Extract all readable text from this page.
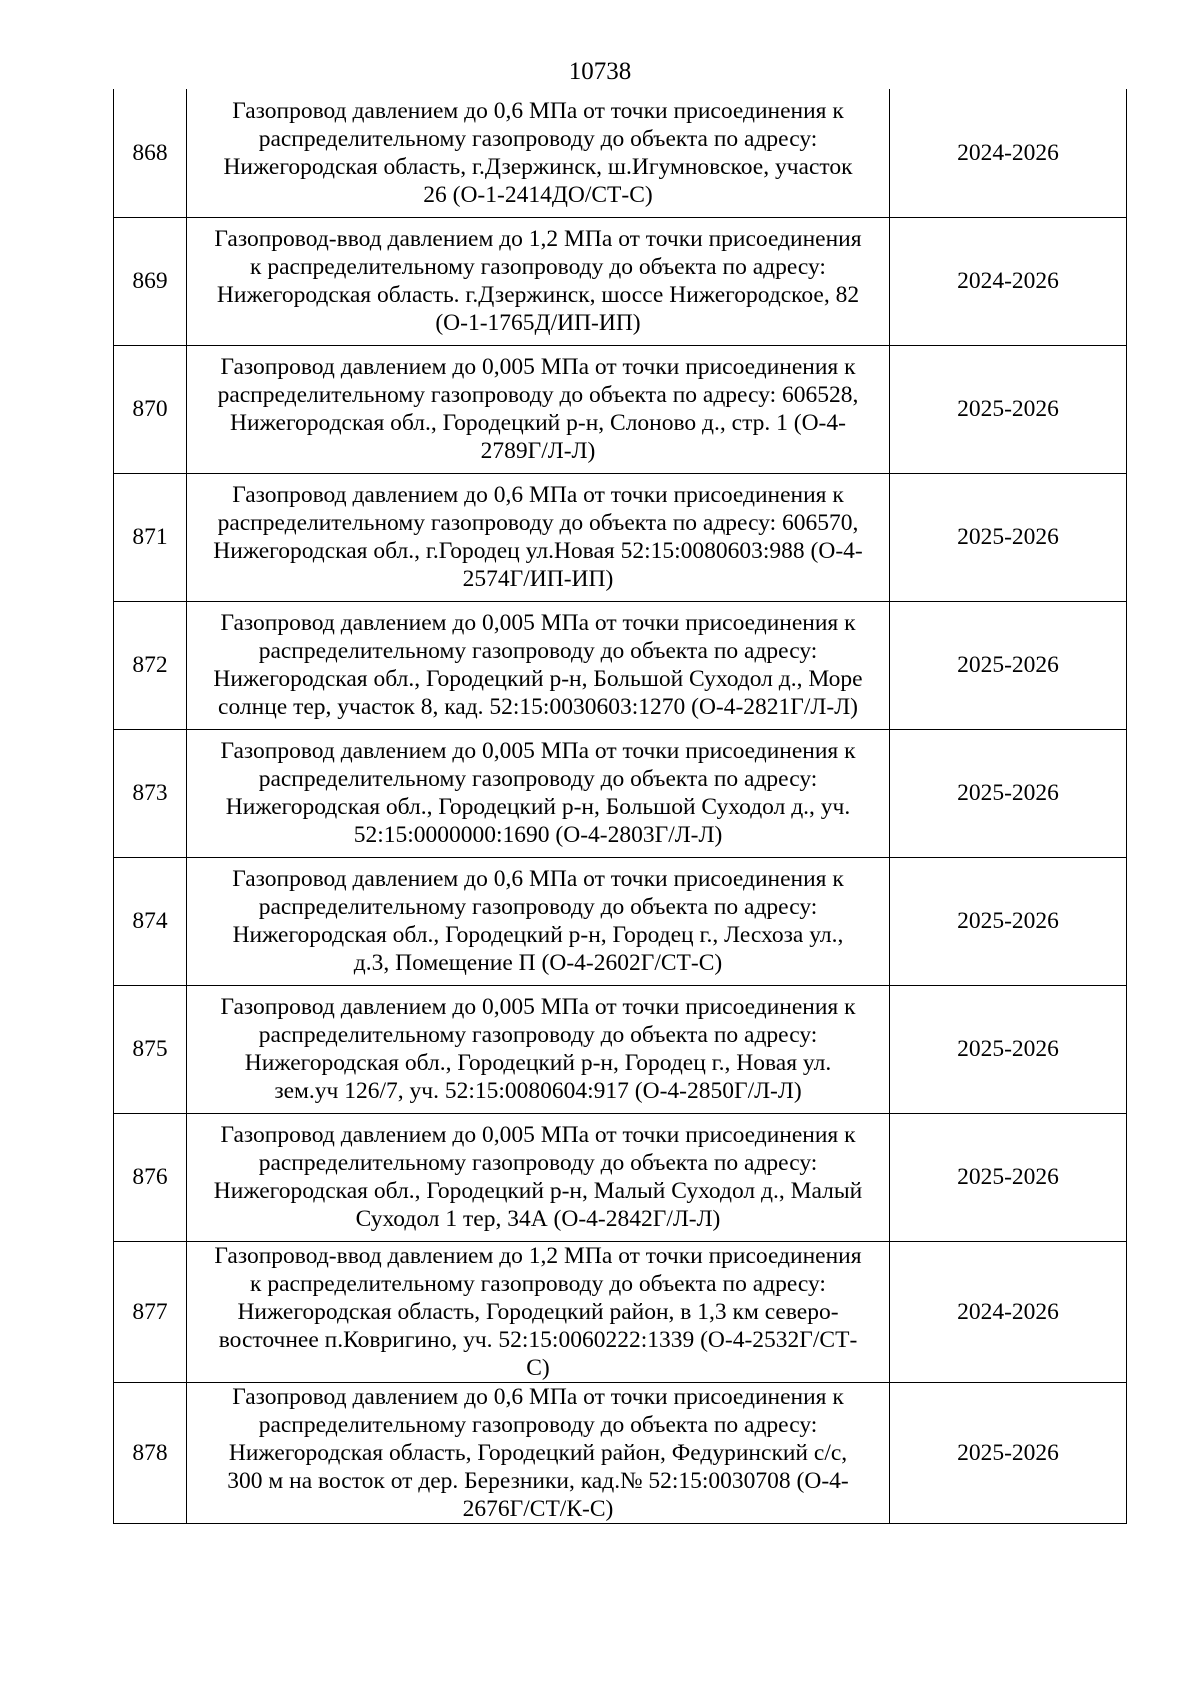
10738
868	Газопровод давлением до 0,6 МПа от точки присоединения к
распределительному газопроводу до объекта по адресу:
Нижегородская область, г.Дзержинск, ш.Игумновское, участок
26 (О-1-2414ДО/СТ-С)	2024-2026
869	Газопровод-ввод давлением до 1,2 МПа от точки присоединения
к распределительному газопроводу до объекта по адресу:
Нижегородская область. г.Дзержинск, шоссе Нижегородское, 82
(О-1-1765Д/ИП-ИП)	2024-2026
870	Газопровод давлением до 0,005 МПа от точки присоединения к
распределительному газопроводу до объекта по адресу: 606528,
Нижегородская обл., Городецкий р-н, Слоново д., стр. 1 (О-4-
2789Г/Л-Л)	2025-2026
871	Газопровод давлением до 0,6 МПа от точки присоединения к
распределительному газопроводу до объекта по адресу: 606570,
Нижегородская обл., г.Городец ул.Новая 52:15:0080603:988 (О-4-
2574Г/ИП-ИП)	2025-2026
872	Газопровод давлением до 0,005 МПа от точки присоединения к
распределительному газопроводу до объекта по адресу:
Нижегородская обл., Городецкий р-н, Большой Суходол д., Море
солнце тер, участок 8, кад. 52:15:0030603:1270 (О-4-2821Г/Л-Л)	2025-2026
873	Газопровод давлением до 0,005 МПа от точки присоединения к
распределительному газопроводу до объекта по адресу:
Нижегородская обл., Городецкий р-н, Большой Суходол д., уч.
52:15:0000000:1690 (О-4-2803Г/Л-Л)	2025-2026
874	Газопровод давлением до 0,6 МПа от точки присоединения к
распределительному газопроводу до объекта по адресу:
Нижегородская обл., Городецкий р-н, Городец г., Лесхоза ул.,
д.3, Помещение П (О-4-2602Г/СТ-С)	2025-2026
875	Газопровод давлением до 0,005 МПа от точки присоединения к
распределительному газопроводу до объекта по адресу:
Нижегородская обл., Городецкий р-н, Городец г., Новая ул.
зем.уч 126/7, уч. 52:15:0080604:917 (О-4-2850Г/Л-Л)	2025-2026
876	Газопровод давлением до 0,005 МПа от точки присоединения к
распределительному газопроводу до объекта по адресу:
Нижегородская обл., Городецкий р-н, Малый Суходол д., Малый
Суходол 1 тер, 34А (О-4-2842Г/Л-Л)	2025-2026
877	Газопровод-ввод давлением до 1,2 МПа от точки присоединения
к распределительному газопроводу до объекта по адресу:
Нижегородская область, Городецкий район, в 1,3 км северо-
восточнее п.Ковригино, уч. 52:15:0060222:1339 (О-4-2532Г/СТ-
С)	2024-2026
878	Газопровод давлением до 0,6 МПа от точки присоединения к
распределительному газопроводу до объекта по адресу:
Нижегородская область, Городецкий район, Федуринский с/с,
300 м на восток от дер. Березники, кад.№ 52:15:0030708 (О-4-
2676Г/СТ/К-С)	2025-2026
